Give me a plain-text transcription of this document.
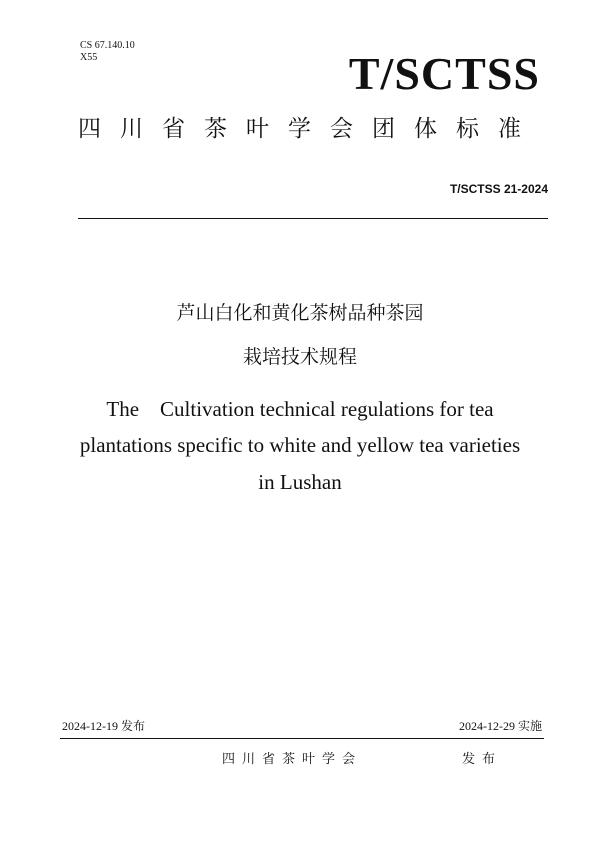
CS 67.140.10
X55	T/SCTSS
四川省茶叶学会团体标准
T/SCTSS 21-2024
芦山白化和黄化茶树品种茶园
栽培技术规程
The    Cultivation technical regulations for tea
plantations specific to white and yellow tea varieties
in Lushan
2024-12-19 发布	2024-12-29 实施
四川省茶叶学会	发布
